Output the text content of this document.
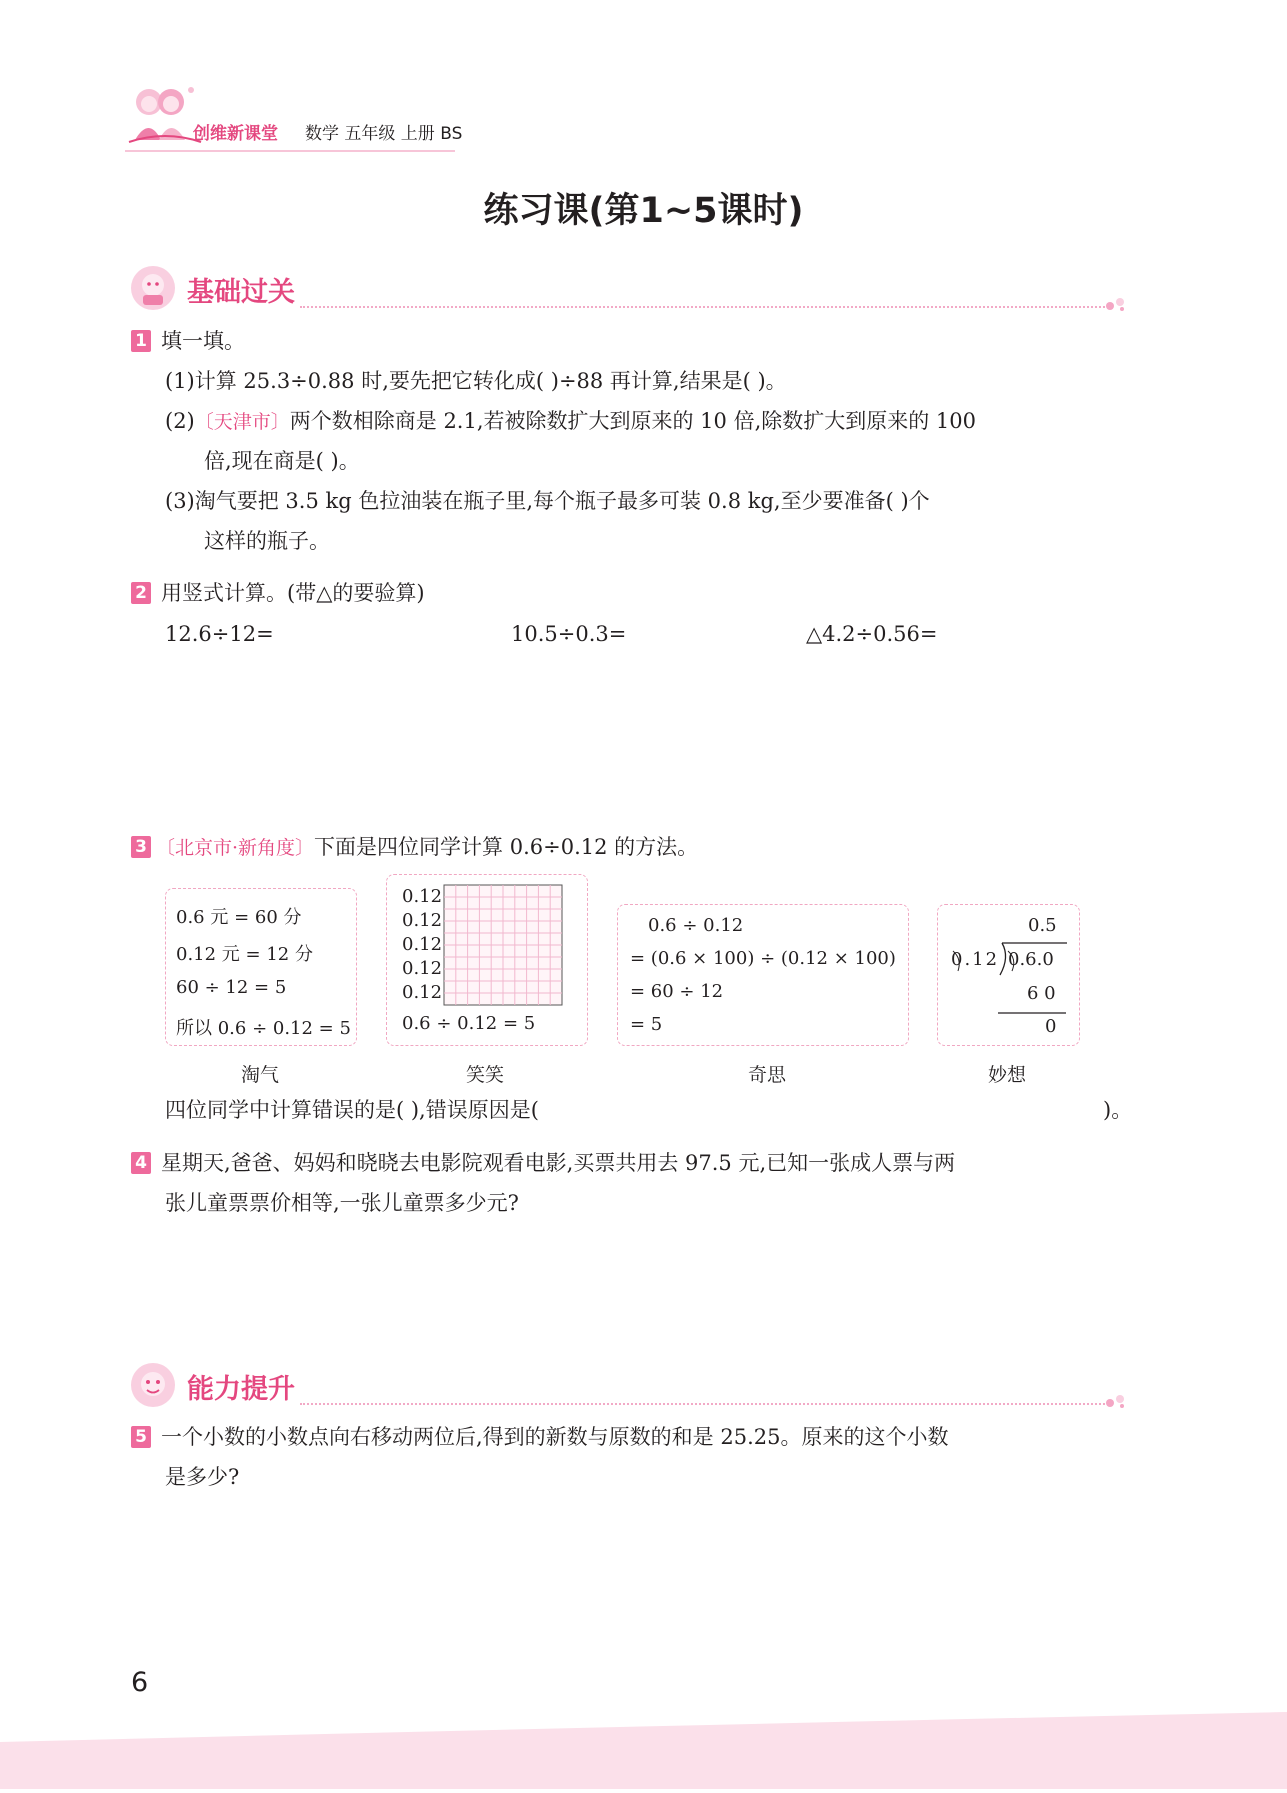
创维新课堂 数学 五年级 上册 BS
练习课(第1~5课时)
基础过关
1 填一填。
(1)计算 25.3÷0.88 时,要先把它转化成( )÷88 再计算,结果是( )。
(2)〔天津市〕两个数相除商是 2.1,若被除数扩大到原来的 10 倍,除数扩大到原来的 100
倍,现在商是( )。
(3)淘气要把 3.5 kg 色拉油装在瓶子里,每个瓶子最多可装 0.8 kg,至少要准备( )个
这样的瓶子。
2 用竖式计算。(带△的要验算)
12.6÷12=	10.5÷0.3=	△4.2÷0.56=
3 〔北京市·新角度〕下面是四位同学计算 0.6÷0.12 的方法。
0.6 元 = 60 分
0.12 元 = 12 分
60 ÷ 12 = 5
所以 0.6 ÷ 0.12 = 5
0.12
0.12
0.12
0.12
0.12
0.6 ÷ 0.12 = 5
0.6 ÷ 0.12
= (0.6 × 100) ÷ (0.12 × 100)
= 60 ÷ 12
= 5
0.5
0.12 0.6.0
6 0
0
淘气	笑笑	奇思	妙想
四位同学中计算错误的是( ),错误原因是(	)。
4 星期天,爸爸、妈妈和晓晓去电影院观看电影,买票共用去 97.5 元,已知一张成人票与两
张儿童票票价相等,一张儿童票多少元?
能力提升
5 一个小数的小数点向右移动两位后,得到的新数与原数的和是 25.25。原来的这个小数
是多少?
6
